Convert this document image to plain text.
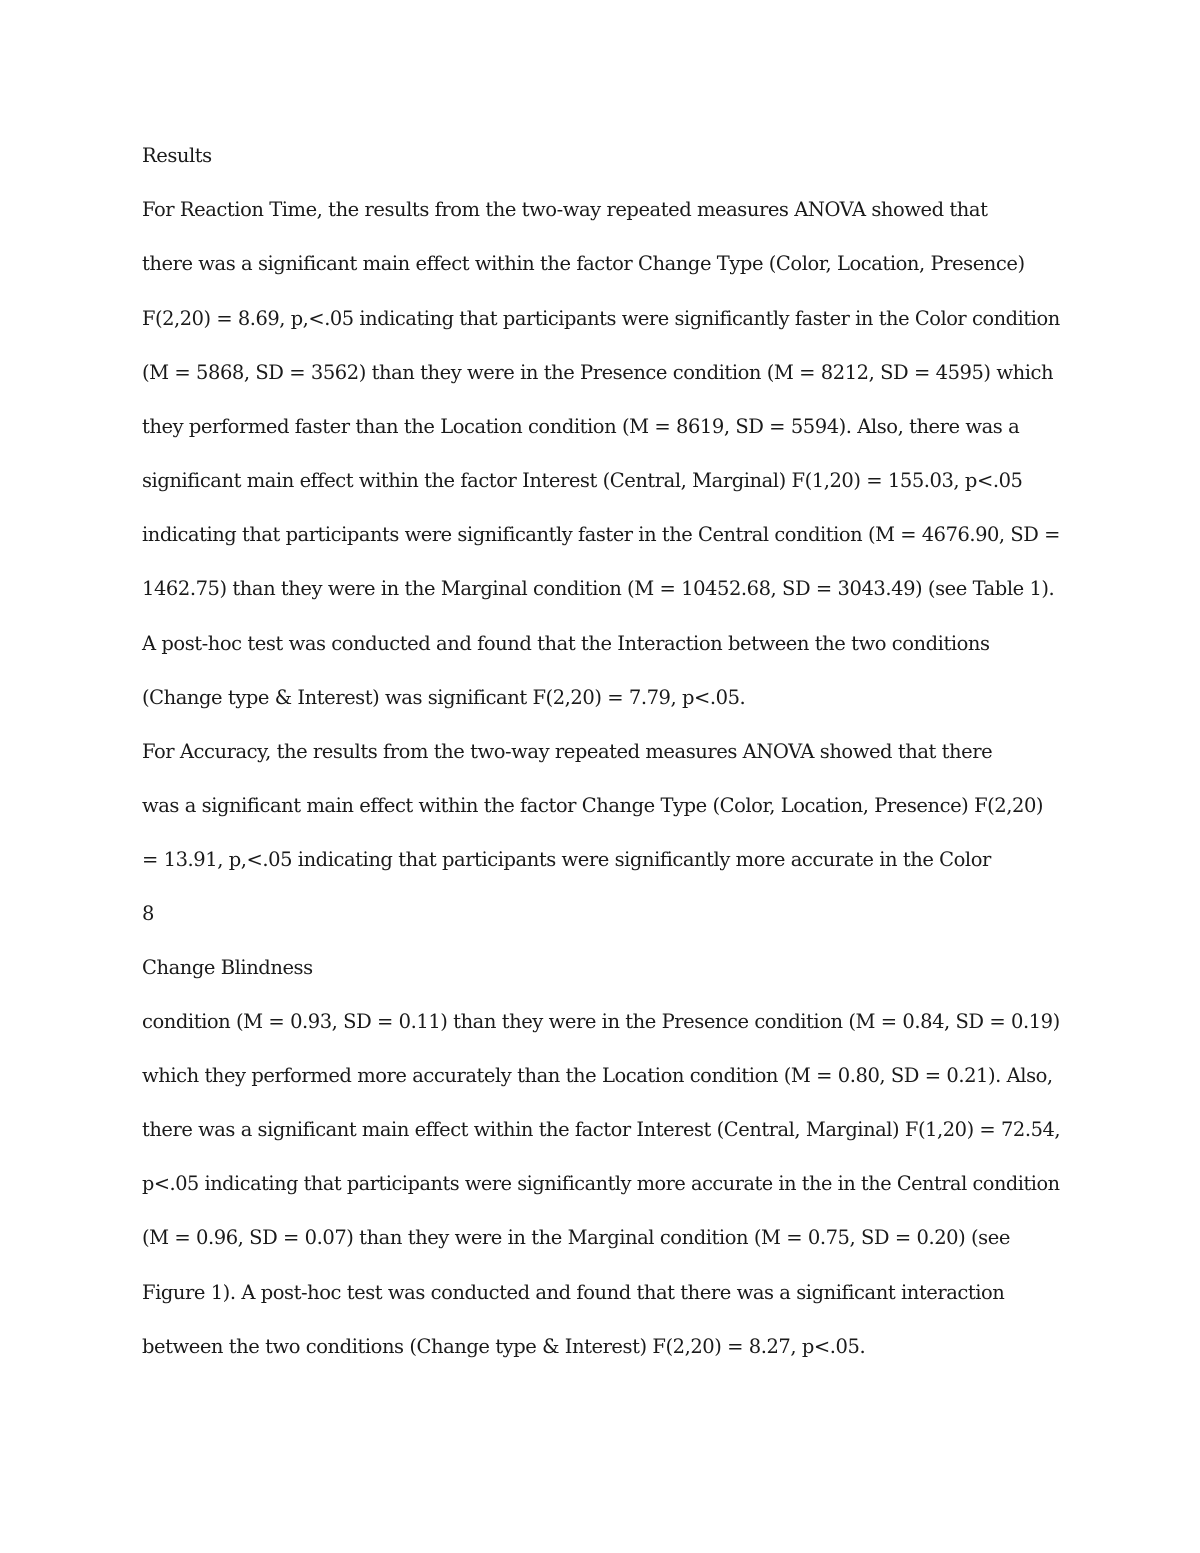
Results
For Reaction Time, the results from the two-way repeated measures ANOVA showed that
there was a significant main effect within the factor Change Type (Color, Location, Presence)
F(2,20) = 8.69, p,<.05 indicating that participants were significantly faster in the Color condition
(M = 5868, SD = 3562) than they were in the Presence condition (M = 8212, SD = 4595) which
they performed faster than the Location condition (M = 8619, SD = 5594). Also, there was a
significant main effect within the factor Interest (Central, Marginal) F(1,20) = 155.03, p<.05
indicating that participants were significantly faster in the Central condition (M = 4676.90, SD =
1462.75) than they were in the Marginal condition (M = 10452.68, SD = 3043.49) (see Table 1).
A post-hoc test was conducted and found that the Interaction between the two conditions
(Change type & Interest) was significant F(2,20) = 7.79, p<.05.
For Accuracy, the results from the two-way repeated measures ANOVA showed that there
was a significant main effect within the factor Change Type (Color, Location, Presence) F(2,20)
= 13.91, p,<.05 indicating that participants were significantly more accurate in the Color
8
Change Blindness
condition (M = 0.93, SD = 0.11) than they were in the Presence condition (M = 0.84, SD = 0.19)
which they performed more accurately than the Location condition (M = 0.80, SD = 0.21). Also,
there was a significant main effect within the factor Interest (Central, Marginal) F(1,20) = 72.54,
p<.05 indicating that participants were significantly more accurate in the in the Central condition
(M = 0.96, SD = 0.07) than they were in the Marginal condition (M = 0.75, SD = 0.20) (see
Figure 1). A post-hoc test was conducted and found that there was a significant interaction
between the two conditions (Change type & Interest) F(2,20) = 8.27, p<.05.
